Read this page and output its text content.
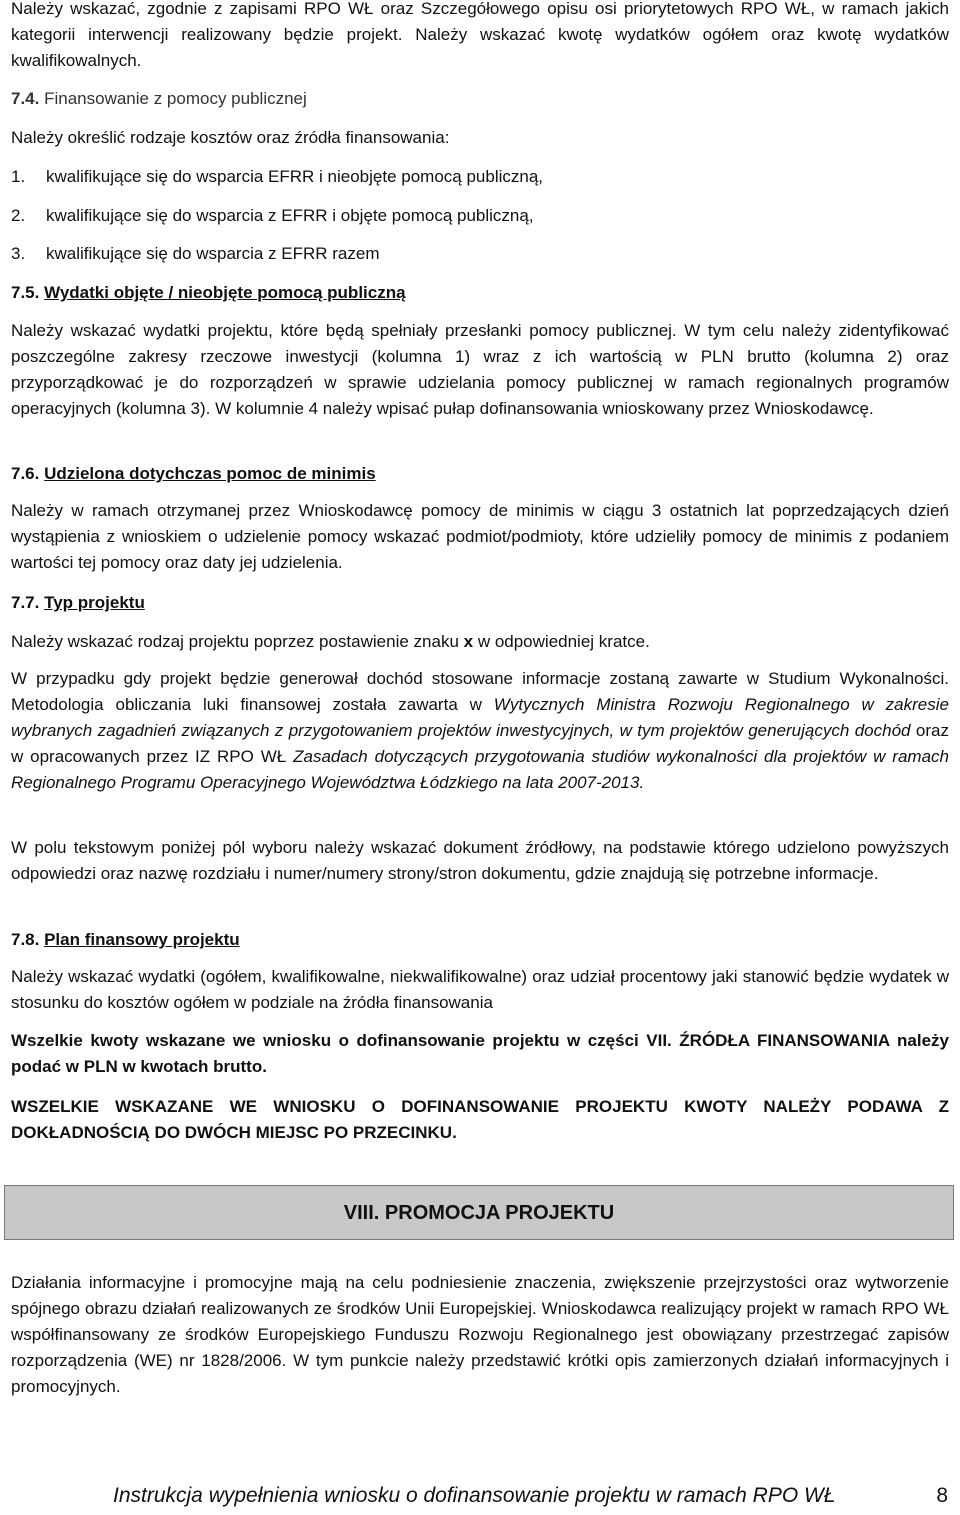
Należy wskazać, zgodnie z zapisami RPO WŁ oraz Szczegółowego opisu osi priorytetowych RPO WŁ, w ramach jakich kategorii interwencji realizowany będzie projekt. Należy wskazać kwotę wydatków ogółem oraz kwotę wydatków kwalifikowalnych.

7.4. Finansowanie z pomocy publicznej
Należy określić rodzaje kosztów oraz źródła finansowania:
1. kwalifikujące się do wsparcia EFRR i nieobjęte pomocą publiczną,
2. kwalifikujące się do wsparcia z EFRR i objęte pomocą publiczną,
3. kwalifikujące się do wsparcia z EFRR razem
7.5. Wydatki objęte / nieobjęte pomocą publiczną

Należy wskazać wydatki projektu, które będą spełniały przesłanki pomocy publicznej. W tym celu należy zidentyfikować poszczególne zakresy rzeczowe inwestycji (kolumna 1) wraz z ich wartością w PLN brutto (kolumna 2) oraz przyporządkować je do rozporządzeń w sprawie udzielania pomocy publicznej w ramach regionalnych programów operacyjnych (kolumna 3). W kolumnie 4 należy wpisać pułap dofinansowania wnioskowany przez Wnioskodawcę.

7.6. Udzielona dotychczas pomoc de minimis

Należy w ramach otrzymanej przez Wnioskodawcę pomocy de minimis w ciągu 3 ostatnich lat poprzedzających dzień wystąpienia z wnioskiem o udzielenie pomocy wskazać podmiot/podmioty, które udzieliły pomocy de minimis z podaniem wartości tej pomocy oraz daty jej udzielenia.

7.7. Typ projektu
Należy wskazać rodzaj projektu poprzez postawienie znaku x w odpowiedniej kratce.

W przypadku gdy projekt będzie generował dochód stosowane informacje zostaną zawarte w Studium Wykonalności. Metodologia obliczania luki finansowej została zawarta w Wytycznych Ministra Rozwoju Regionalnego w zakresie wybranych zagadnień związanych z przygotowaniem projektów inwestycyjnych, w tym projektów generujących dochód oraz w opracowanych przez IZ RPO WŁ Zasadach dotyczących przygotowania studiów wykonalności dla projektów w ramach Regionalnego Programu Operacyjnego Województwa Łódzkiego na lata 2007-2013.

W polu tekstowym poniżej pól wyboru należy wskazać dokument źródłowy, na podstawie którego udzielono powyższych odpowiedzi oraz nazwę rozdziału i numer/numery strony/stron dokumentu, gdzie znajdują się potrzebne informacje.

7.8. Plan finansowy projektu

Należy wskazać wydatki (ogółem, kwalifikowalne, niekwalifikowalne) oraz udział procentowy jaki stanowić będzie wydatek w stosunku do kosztów ogółem w podziale na źródła finansowania

Wszelkie kwoty wskazane we wniosku o dofinansowanie projektu w części VII. ŹRÓDŁA FINANSOWANIA należy podać w PLN w kwotach brutto.

WSZELKIE WSKAZANE WE WNIOSKU O DOFINANSOWANIE PROJEKTU KWOTY NALEŻY PODAWA Z DOKŁADNOŚCIĄ DO DWÓCH MIEJSC PO PRZECINKU.

VIII. PROMOCJA PROJEKTU

Działania informacyjne i promocyjne mają na celu podniesienie znaczenia, zwiększenie przejrzystości oraz wytworzenie spójnego obrazu działań realizowanych ze środków Unii Europejskiej. Wnioskodawca realizujący projekt w ramach RPO WŁ współfinansowany ze środków Europejskiego Funduszu Rozwoju Regionalnego jest obowiązany przestrzegać zapisów rozporządzenia (WE) nr 1828/2006. W tym punkcie należy przedstawić krótki opis zamierzonych działań informacyjnych i promocyjnych.

Instrukcja wypełnienia wniosku o dofinansowanie projektu w ramach RPO WŁ	8
